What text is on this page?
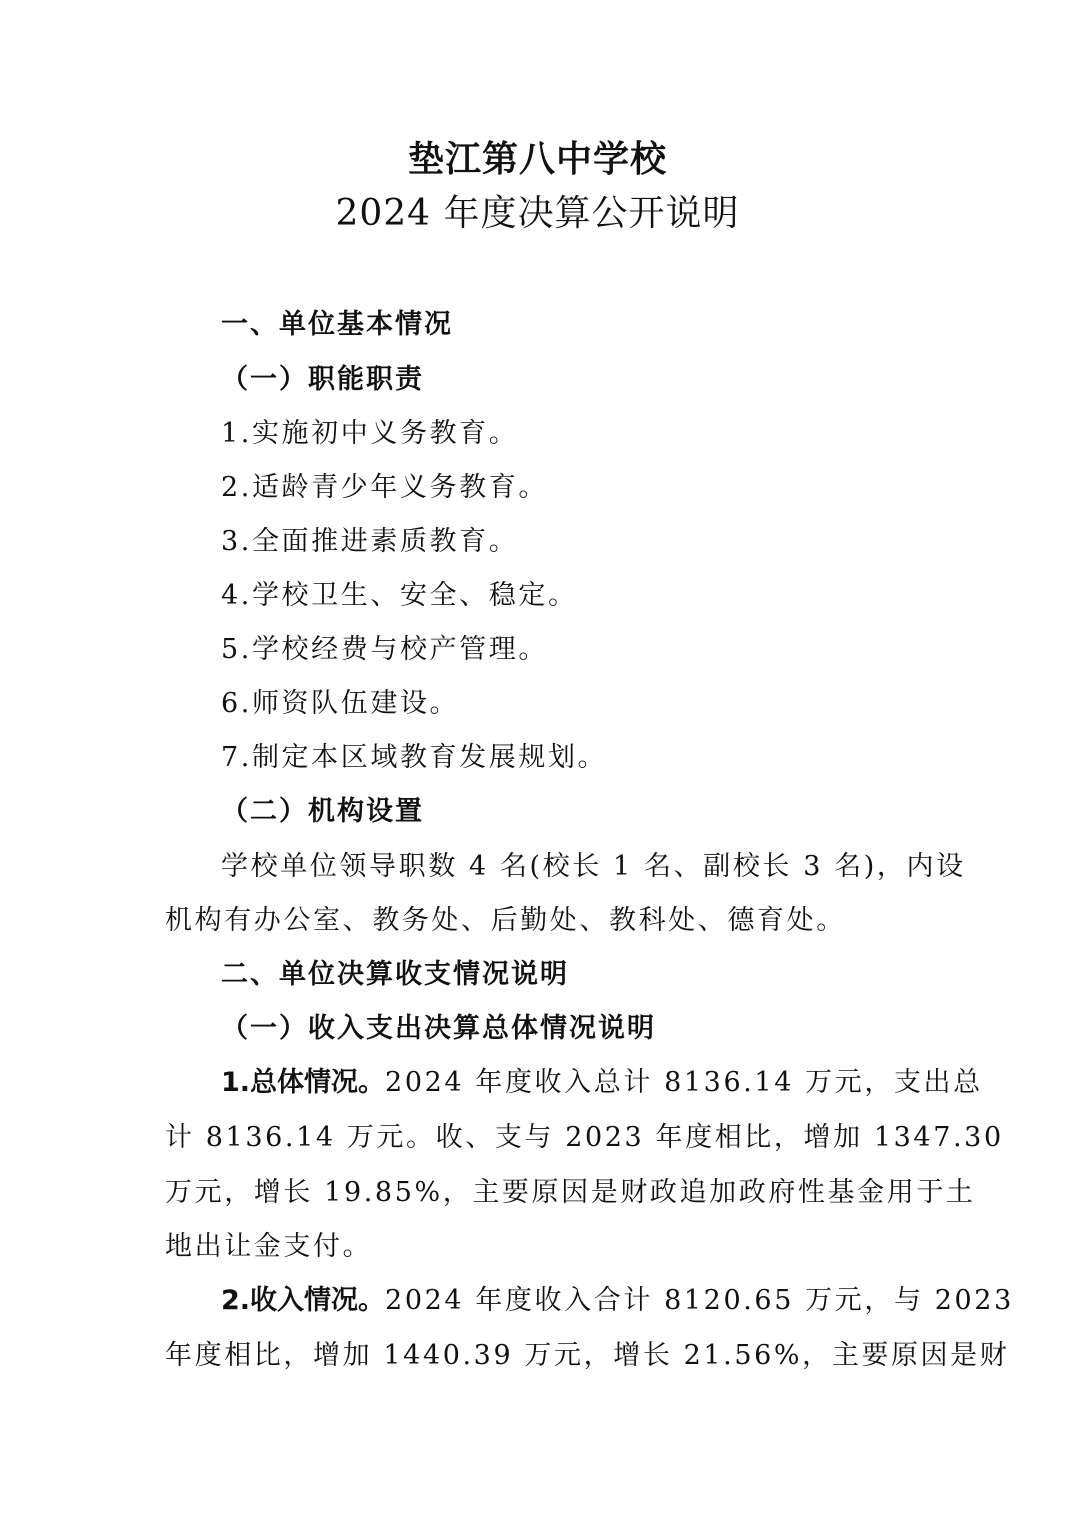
垫江第八中学校
2024 年度决算公开说明
一、单位基本情况
（一）职能职责
1.实施初中义务教育。
2.适龄青少年义务教育。
3.全面推进素质教育。
4.学校卫生、安全、稳定。
5.学校经费与校产管理。
6.师资队伍建设。
7.制定本区域教育发展规划。
（二）机构设置
学校单位领导职数 4 名(校长 1 名、副校长 3 名)，内设
机构有办公室、教务处、后勤处、教科处、德育处。
二、单位决算收支情况说明
（一）收入支出决算总体情况说明
1.总体情况。2024 年度收入总计 8136.14 万元，支出总
计 8136.14 万元。收、支与 2023 年度相比，增加 1347.30
万元，增长 19.85%，主要原因是财政追加政府性基金用于土
地出让金支付。
2.收入情况。2024 年度收入合计 8120.65 万元，与 2023
年度相比，增加 1440.39 万元，增长 21.56%，主要原因是财
